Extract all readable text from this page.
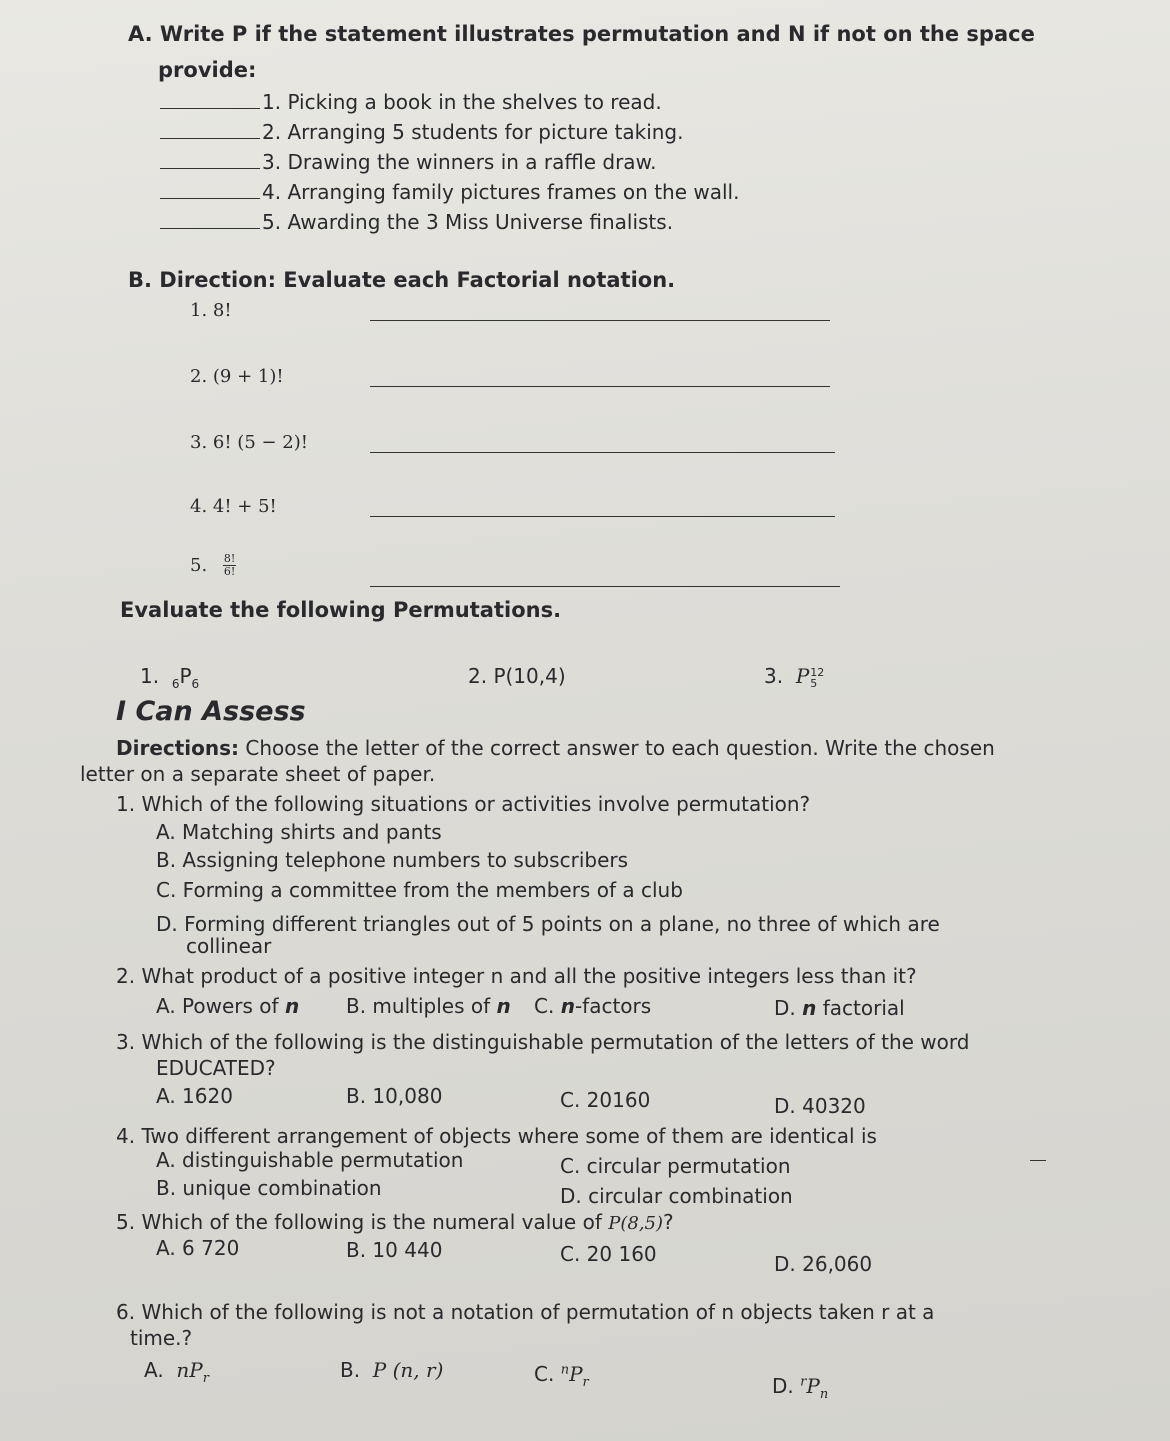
A. Write P if the statement illustrates permutation and N if not on the space
provide:
1. Picking a book in the shelves to read.
2. Arranging 5 students for picture taking.
3. Drawing the winners in a raffle draw.
4. Arranging family pictures frames on the wall.
5. Awarding the 3 Miss Universe finalists.
B. Direction: Evaluate each Factorial notation.
1. 8!
2. (9 + 1)!
3. 6! (5 − 2)!
4. 4! + 5!
5. $\frac{8!}{6!}$
Evaluate the following Permutations.
1. $_6P_6$	2. P(10,4)	3. P 12
5
I Can Assess
Directions: Choose the letter of the correct answer to each question. Write the chosen
letter on a separate sheet of paper.
1. Which of the following situations or activities involve permutation?
A. Matching shirts and pants
B. Assigning telephone numbers to subscribers
C. Forming a committee from the members of a club
D. Forming different triangles out of 5 points on a plane, no three of which are
collinear
2. What product of a positive integer n and all the positive integers less than it?
A. Powers of n B. multiples of n C. n-factors	D. n factorial
3. Which of the following is the distinguishable permutation of the letters of the word
EDUCATED?
A. 1620	B. 10,080	C. 20160	D. 40320
4. Two different arrangement of objects where some of them are identical is
A. distinguishable permutation	C. circular permutation
B. unique combination	D. circular combination
5. Which of the following is the numeral value of P(8,5)?
A. 6 720	B. 10 440	C. 20 160	D. 26,060
6. Which of the following is not a notation of permutation of n objects taken r at a
time.?
A. $nP_r$	B. P (n, r)	C. $^nP_r$	D. $^rP_n$
